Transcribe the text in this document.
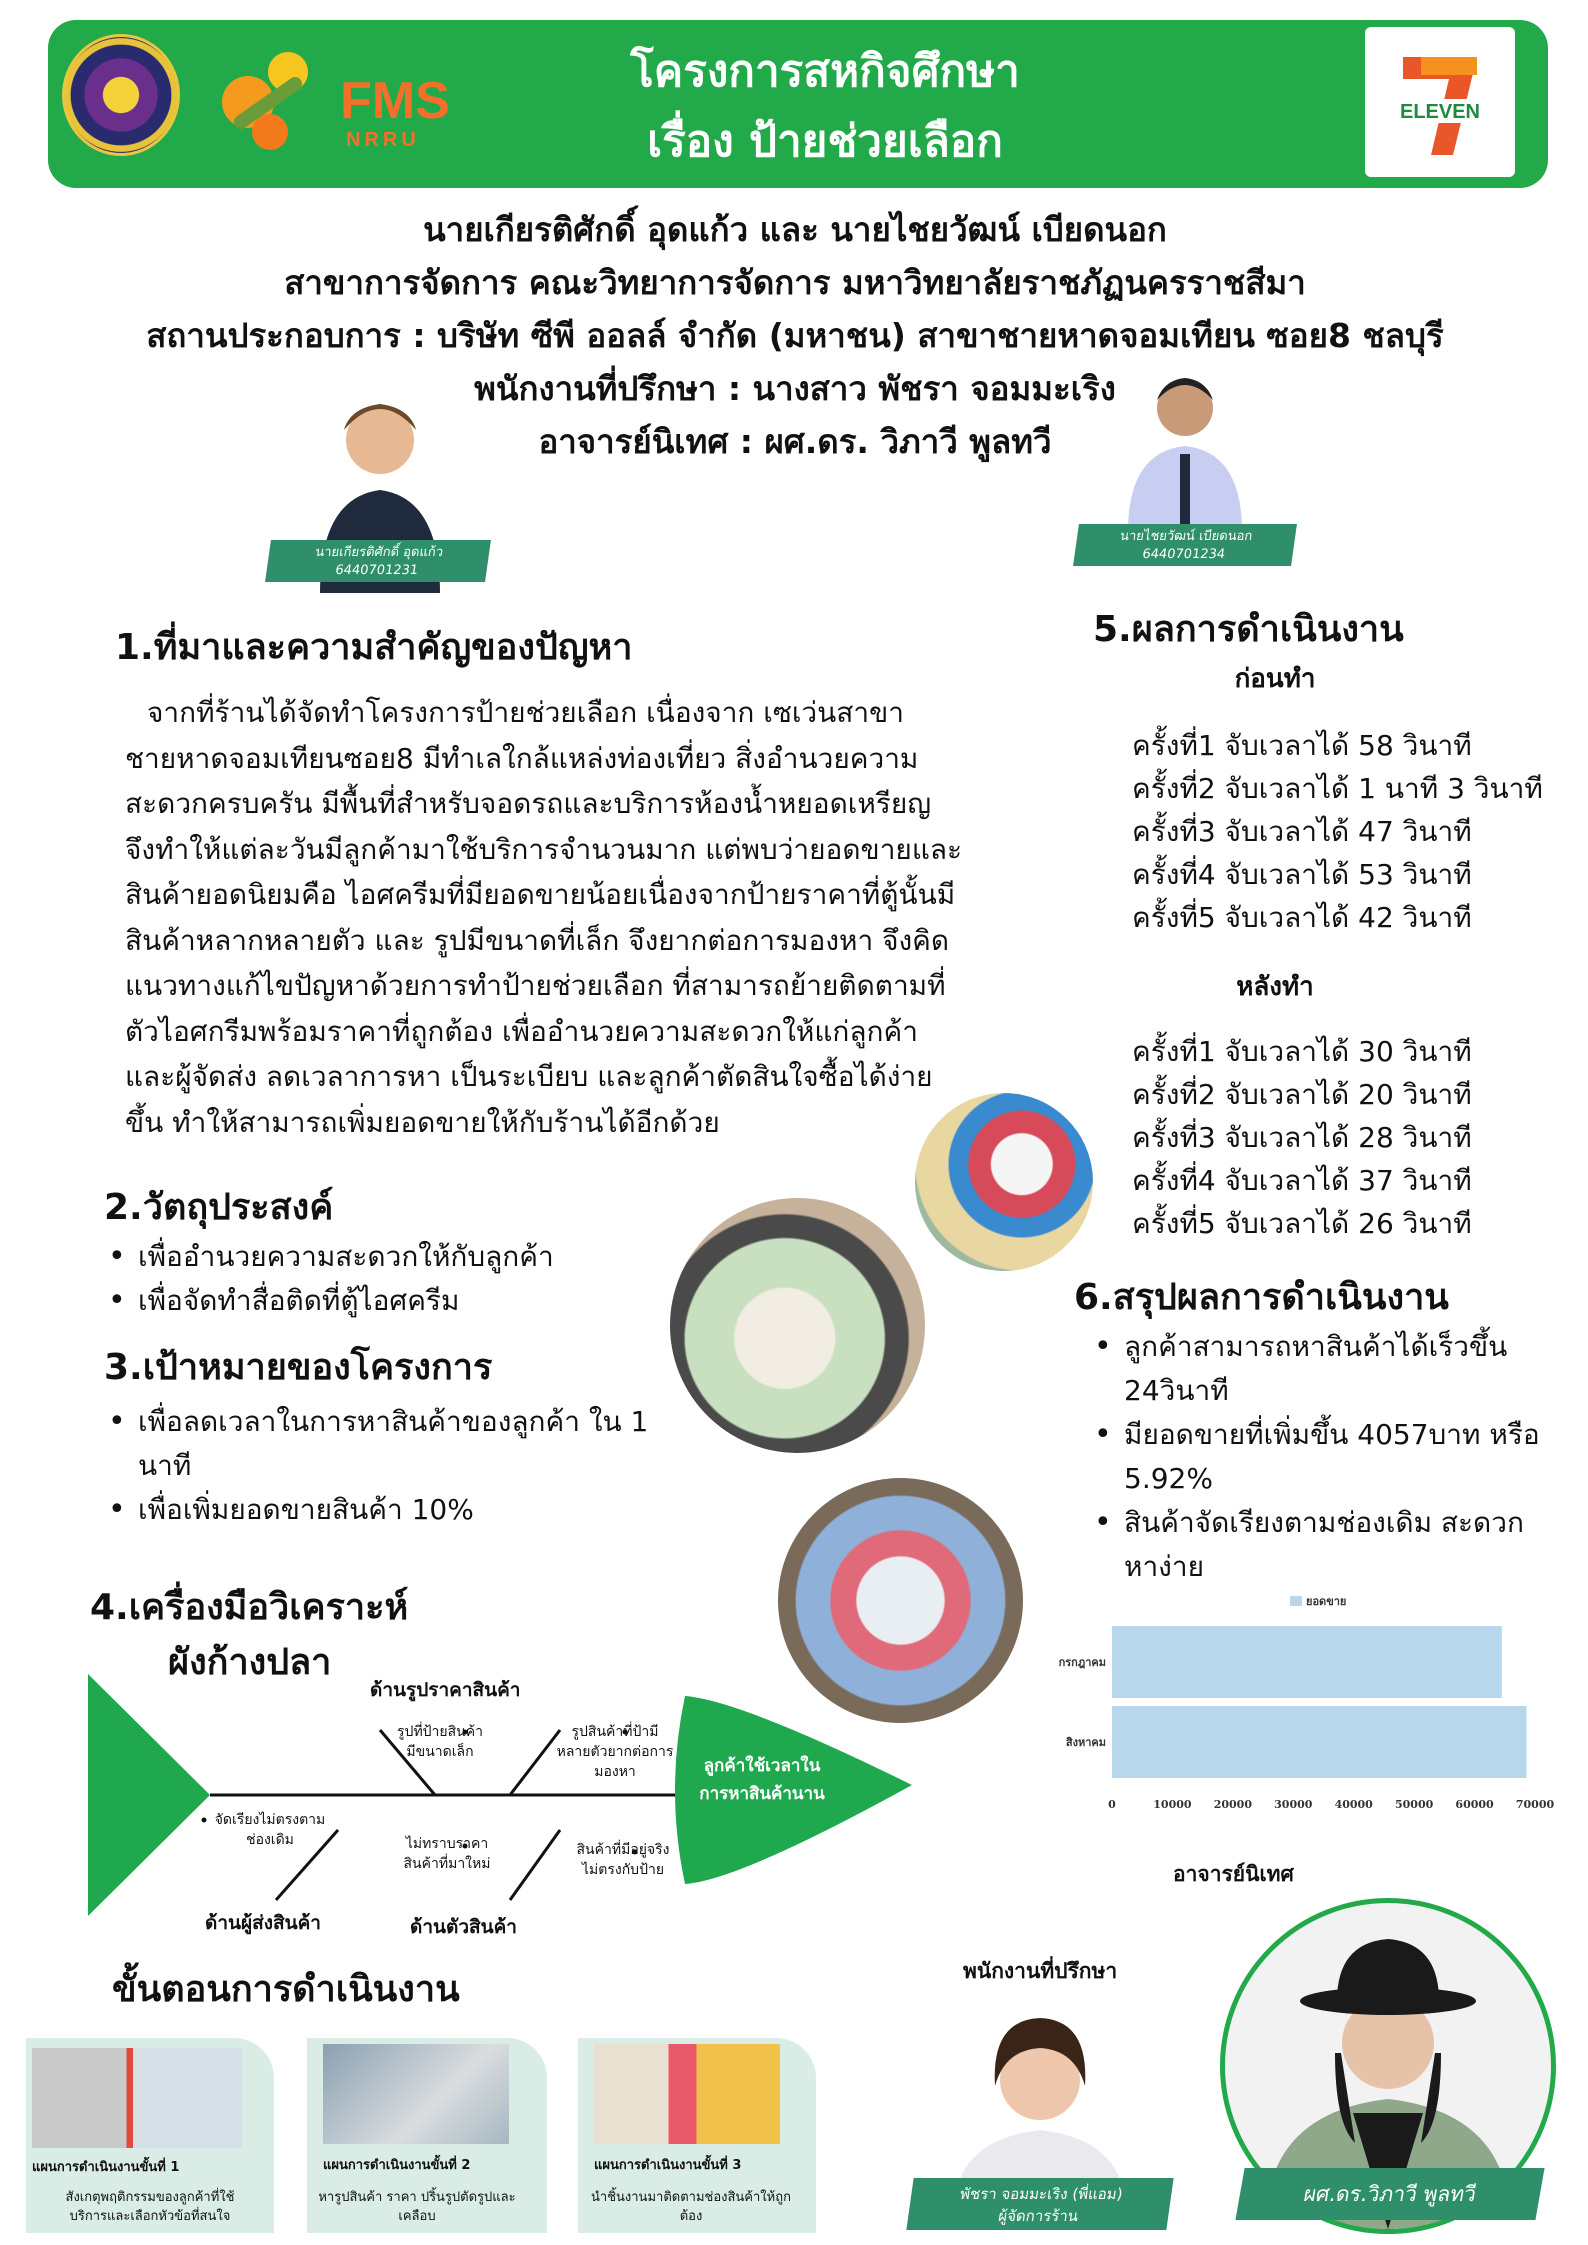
FMS
NRRU
โครงการสหกิจศึกษา
เรื่อง ป้ายช่วยเลือก
ELEVEN
นายเกียรติศักดิ์ อุดแก้ว และ นายไชยวัฒน์ เบียดนอก
สาขาการจัดการ คณะวิทยาการจัดการ มหาวิทยาลัยราชภัฏนครราชสีมา
สถานประกอบการ : บริษัท ซีพี ออลล์ จำกัด (มหาชน) สาขาชายหาดจอมเทียน ซอย8 ชลบุรี
พนักงานที่ปรึกษา : นางสาว พัชรา จอมมะเริง
อาจารย์นิเทศ : ผศ.ดร. วิภาวี พูลทวี
นายเกียรติศักดิ์ อุดแก้ว
6440701231
นายไชยวัฒน์ เบียดนอก
6440701234
1.ที่มาและความสำคัญของปัญหา
จากที่ร้านได้จัดทำโครงการป้ายช่วยเลือก เนื่องจาก เซเว่นสาขา
ชายหาดจอมเทียนซอย8 มีทำเลใกล้แหล่งท่องเที่ยว สิ่งอำนวยความ
สะดวกครบครัน มีพื้นที่สำหรับจอดรถและบริการห้องน้ำหยอดเหรียญ
จึงทำให้แต่ละวันมีลูกค้ามาใช้บริการจำนวนมาก แต่พบว่ายอดขายและ
สินค้ายอดนิยมคือ ไอศครีมที่มียอดขายน้อยเนื่องจากป้ายราคาที่ตู้นั้นมี
สินค้าหลากหลายตัว และ รูปมีขนาดที่เล็ก จึงยากต่อการมองหา จึงคิด
แนวทางแก้ไขปัญหาด้วยการทำป้ายช่วยเลือก ที่สามารถย้ายติดตามที่
ตัวไอศกรีมพร้อมราคาที่ถูกต้อง เพื่ออำนวยความสะดวกให้แก่ลูกค้า
และผู้จัดส่ง ลดเวลาการหา เป็นระเบียบ และลูกค้าตัดสินใจซื้อได้ง่าย
ขึ้น ทำให้สามารถเพิ่มยอดขายให้กับร้านได้อีกด้วย
2.วัตถุประสงค์
• เพื่ออำนวยความสะดวกให้กับลูกค้า
• เพื่อจัดทำสื่อติดที่ตู้ไอศครีม
3.เป้าหมายของโครงการ
• เพื่อลดเวลาในการหาสินค้าของลูกค้า ใน 1 นาที
• เพื่อเพิ่มยอดขายสินค้า 10%
4.เครื่องมือวิเคราะห์
ผังก้างปลา
ด้านรูปราคาสินค้า
รูปที่ป้ายสินค้ามีขนาดเล็ก
รูปสินค้าที่ป้ามีหลายตัวยากต่อการมองหา
จัดเรียงไม่ตรงตามช่องเดิม	ไม่ทราบราคาสินค้าที่มาใหม่
สินค้าที่มีอยู่จริงไม่ตรงกับป้าย
ด้านผู้ส่งสินค้า	ด้านตัวสินค้า
ลูกค้าใช้เวลาในการหาสินค้านาน
ขั้นตอนการดำเนินงาน
แผนการดำเนินงานขั้นที่ 1
สังเกตุพฤติกรรมของลูกค้าที่ใช้บริการและเลือกหัวข้อที่สนใจ
แผนการดำเนินงานขั้นที่ 2
หารูปสินค้า ราคา ปริ้นรูปตัดรูปและเคลือบ
แผนการดำเนินงานขั้นที่ 3
นำชิ้นงานมาติดตามช่องสินค้าให้ถูกต้อง
5.ผลการดำเนินงาน
ก่อนทำ
ครั้งที่1 จับเวลาได้ 58 วินาที
ครั้งที่2 จับเวลาได้ 1 นาที 3 วินาที
ครั้งที่3 จับเวลาได้ 47 วินาที
ครั้งที่4 จับเวลาได้ 53 วินาที
ครั้งที่5 จับเวลาได้ 42 วินาที
หลังทำ
ครั้งที่1 จับเวลาได้ 30 วินาที
ครั้งที่2 จับเวลาได้ 20 วินาที
ครั้งที่3 จับเวลาได้ 28 วินาที
ครั้งที่4 จับเวลาได้ 37 วินาที
ครั้งที่5 จับเวลาได้ 26 วินาที
6.สรุปผลการดำเนินงาน
• ลูกค้าสามารถหาสินค้าได้เร็วขึ้น 24วินาที
• มียอดขายที่เพิ่มขึ้น 4057บาท หรือ 5.92%
• สินค้าจัดเรียงตามช่องเดิม สะดวก หาง่าย
ยอดขาย
กรกฎาคม
สิงหาคม
0	10000 20000 30000 40000 50000 60000 70000
อาจารย์นิเทศ
พนักงานที่ปรึกษา
ผศ.ดร.วิภาวี พูลทวี
พัชรา จอมมะเริง (พี่แอม)
ผู้จัดการร้าน
